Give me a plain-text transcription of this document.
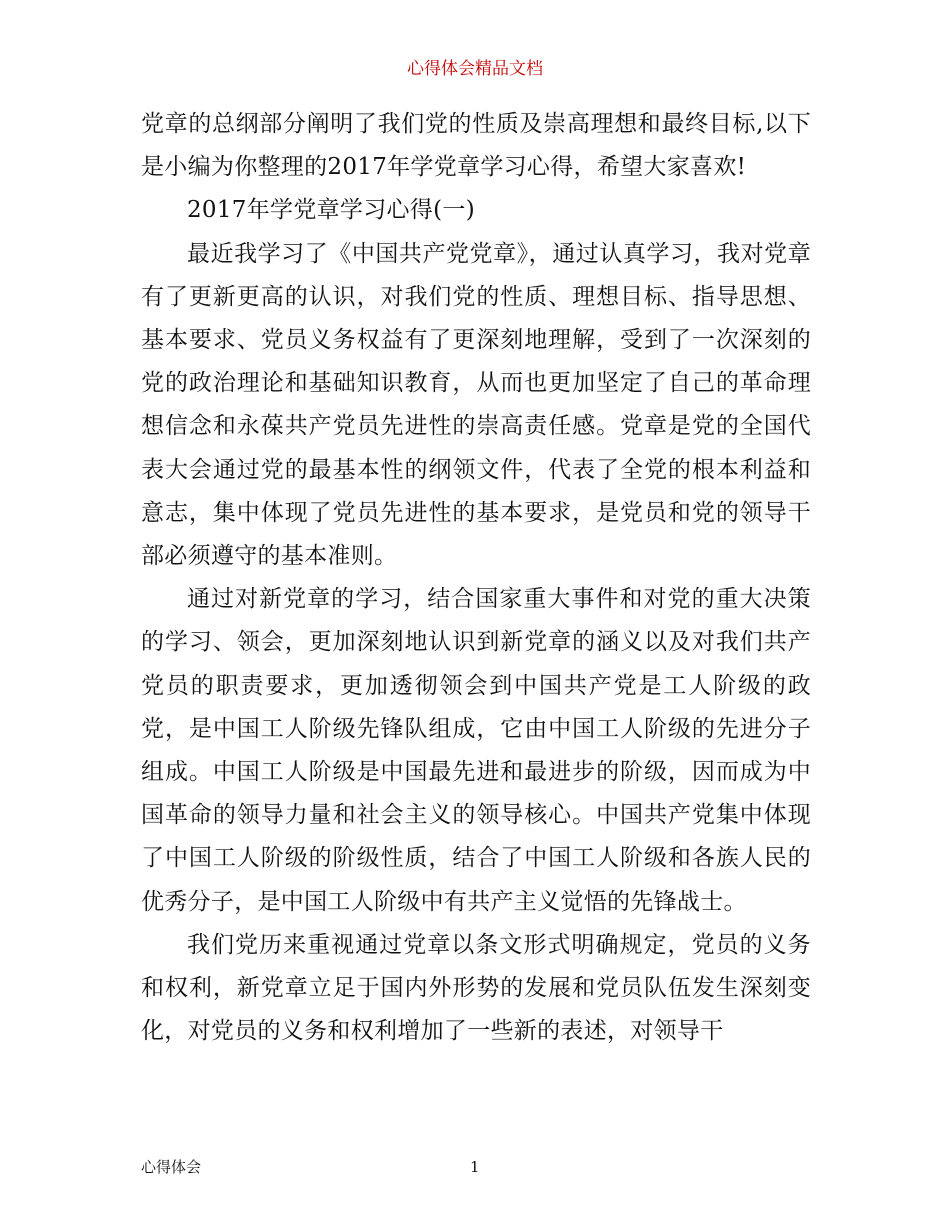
心得体会精品文档

党章的总纲部分阐明了我们党的性质及崇高理想和最终目标,以下是小编为你整理的2017年学党章学习心得，希望大家喜欢!

2017年学党章学习心得(一)

最近我学习了《中国共产党党章》，通过认真学习，我对党章有了更新更高的认识，对我们党的性质、理想目标、指导思想、基本要求、党员义务权益有了更深刻地理解，受到了一次深刻的党的政治理论和基础知识教育，从而也更加坚定了自己的革命理想信念和永葆共产党员先进性的崇高责任感。党章是党的全国代表大会通过党的最基本性的纲领文件，代表了全党的根本利益和意志，集中体现了党员先进性的基本要求，是党员和党的领导干部必须遵守的基本准则。

通过对新党章的学习，结合国家重大事件和对党的重大决策的学习、领会，更加深刻地认识到新党章的涵义以及对我们共产党员的职责要求，更加透彻领会到中国共产党是工人阶级的政党，是中国工人阶级先锋队组成，它由中国工人阶级的先进分子组成。中国工人阶级是中国最先进和最进步的阶级，因而成为中国革命的领导力量和社会主义的领导核心。中国共产党集中体现了中国工人阶级的阶级性质，结合了中国工人阶级和各族人民的优秀分子，是中国工人阶级中有共产主义觉悟的先锋战士。

我们党历来重视通过党章以条文形式明确规定，党员的义务和权利，新党章立足于国内外形势的发展和党员队伍发生深刻变化，对党员的义务和权利增加了一些新的表述，对领导干

心得体会	1
